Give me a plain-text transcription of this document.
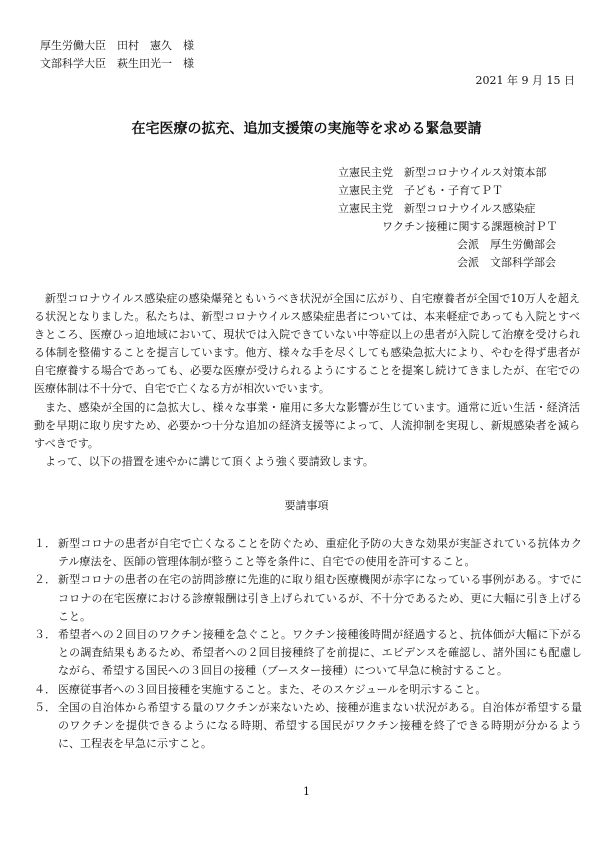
厚生労働大臣　田村　憲久　様
文部科学大臣　萩生田光一　様
2021 年 9 月 15 日
在宅医療の拡充、追加支援策の実施等を求める緊急要請
立憲民主党　新型コロナウイルス対策本部
立憲民主党　子ども・子育てＰＴ
立憲民主党　新型コロナウイルス感染症
ワクチン接種に関する課題検討ＰＴ
会派　厚生労働部会
会派　文部科学部会

新型コロナウイルス感染症の感染爆発ともいうべき状況が全国に広がり、自宅療養者が全国で10万人を超える状況となりました。私たちは、新型コロナウイルス感染症患者については、本来軽症であっても入院とすべきところ、医療ひっ迫地域において、現状では入院できていない中等症以上の患者が入院して治療を受けられる体制を整備することを提言しています。他方、様々な手を尽くしても感染急拡大により、やむを得ず患者が自宅療養する場合であっても、必要な医療が受けられるようにすることを提案し続けてきましたが、在宅での医療体制は不十分で、自宅で亡くなる方が相次いでいます。

また、感染が全国的に急拡大し、様々な事業・雇用に多大な影響が生じています。通常に近い生活・経済活動を早期に取り戻すため、必要かつ十分な追加の経済支援等によって、人流抑制を実現し、新規感染者を減らすべきです。

よって、以下の措置を速やかに講じて頂くよう強く要請致します。

要請事項
１． 新型コロナの患者が自宅で亡くなることを防ぐため、重症化予防の大きな効果が実証されている抗体カクテル療法を、医師の管理体制が整うこと等を条件に、自宅での使用を許可すること。
２． 新型コロナの患者の在宅の訪問診療に先進的に取り組む医療機関が赤字になっている事例がある。すでにコロナの在宅医療における診療報酬は引き上げられているが、不十分であるため、更に大幅に引き上げること。
３． 希望者への２回目のワクチン接種を急ぐこと。ワクチン接種後時間が経過すると、抗体価が大幅に下がるとの調査結果もあるため、希望者への２回目接種終了を前提に、エビデンスを確認し、諸外国にも配慮しながら、希望する国民への３回目の接種（ブースター接種）について早急に検討すること。
４． 医療従事者への３回目接種を実施すること。また、そのスケジュールを明示すること。
５． 全国の自治体から希望する量のワクチンが来ないため、接種が進まない状況がある。自治体が希望する量のワクチンを提供できるようになる時期、希望する国民がワクチン接種を終了できる時期が分かるように、工程表を早急に示すこと。
1
